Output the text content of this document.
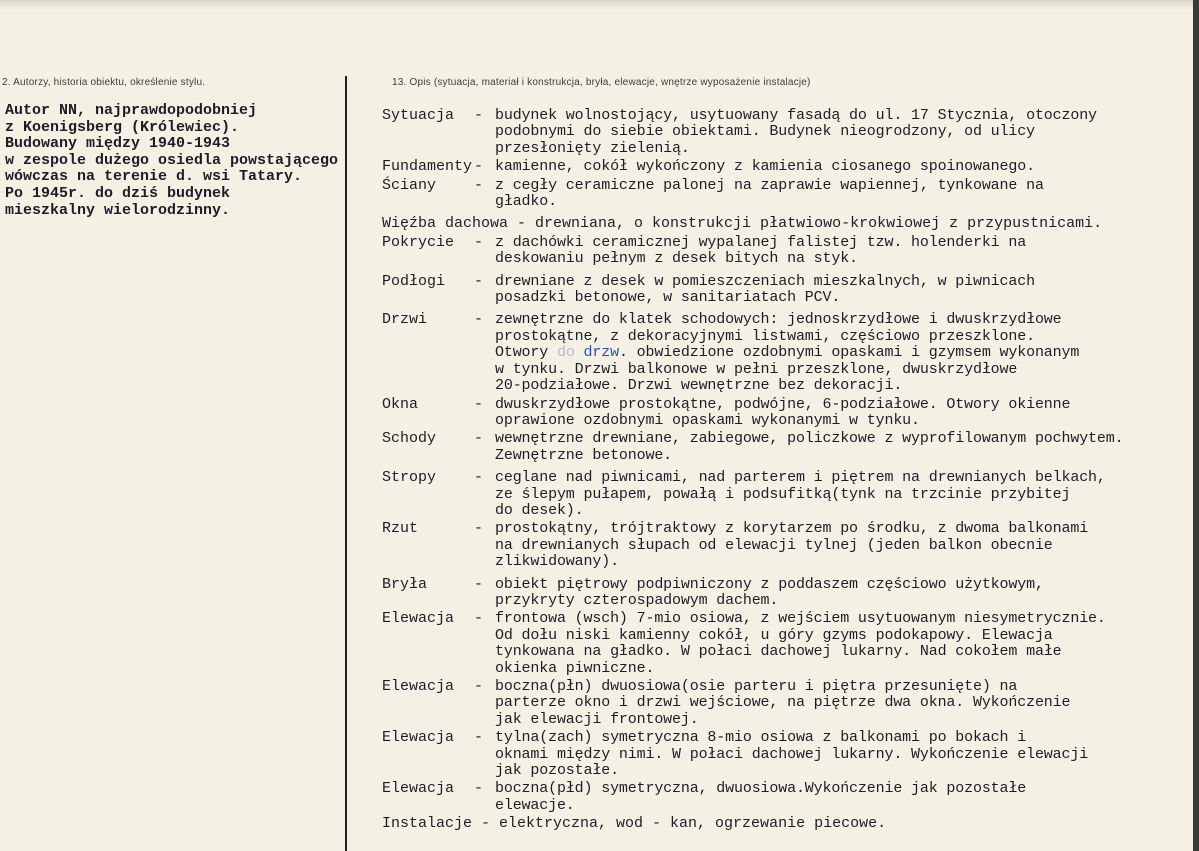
2. Autorzy, historia obiektu, określenie stylu.	13. Opis (sytuacja, materiał i konstrukcja, bryła, elewacje, wnętrze wyposażenie instalacje)
Autor NN, najprawdopodobniej
z Koenigsberg (Królewiec).
Budowany między 1940-1943
w zespole dużego osiedla powstającego
wówczas na terenie d. wsi Tatary.
Po 1945r. do dziś budynek
mieszkalny wielorodzinny.
Sytuacja - budynek wolnostojący, usytuowany fasadą do ul. 17 Stycznia, otoczony
podobnymi do siebie obiektami. Budynek nieogrodzony, od ulicy
przesłonięty zielenią.
Fundamenty - kamienne, cokół wykończony z kamienia ciosanego spoinowanego.
Ściany	- z cegły ceramiczne palonej na zaprawie wapiennej, tynkowane na
gładko.
Więźba dachowa - drewniana, o konstrukcji płatwiowo-krokwiowej z przypustnicami.
Pokrycie - z dachówki ceramicznej wypalanej falistej tzw. holenderki na
deskowaniu pełnym z desek bitych na styk.
Podłogi - drewniane z desek w pomieszczeniach mieszkalnych, w piwnicach
posadzki betonowe, w sanitariatach PCV.
Drzwi	- zewnętrzne do klatek schodowych: jednoskrzydłowe i dwuskrzydłowe
prostokątne, z dekoracyjnymi listwami, częściowo przeszklone.
Otwory do drzw. obwiedzione ozdobnymi opaskami i gzymsem wykonanym
w tynku. Drzwi balkonowe w pełni przeszklone, dwuskrzydłowe
20-podziałowe. Drzwi wewnętrzne bez dekoracji.
Okna	- dwuskrzydłowe prostokątne, podwójne, 6-podziałowe. Otwory okienne
oprawione ozdobnymi opaskami wykonanymi w tynku.
Schody	- wewnętrzne drewniane, zabiegowe, policzkowe z wyprofilowanym pochwytem.
Zewnętrzne betonowe.
Stropy	- ceglane nad piwnicami, nad parterem i piętrem na drewnianych belkach,
ze ślepym pułapem, powałą i podsufitką(tynk na trzcinie przybitej
do desek).
Rzut	- prostokątny, trójtraktowy z korytarzem po środku, z dwoma balkonami
na drewnianych słupach od elewacji tylnej (jeden balkon obecnie
zlikwidowany).
Bryła	- obiekt piętrowy podpiwniczony z poddaszem częściowo użytkowym,
przykryty czterospadowym dachem.
Elewacja - frontowa (wsch) 7-mio osiowa, z wejściem usytuowanym niesymetrycznie.
Od dołu niski kamienny cokół, u góry gzyms podokapowy. Elewacja
tynkowana na gładko. W połaci dachowej lukarny. Nad cokołem małe
okienka piwniczne.
Elewacja - boczna(płn) dwuosiowa(osie parteru i piętra przesunięte) na
parterze okno i drzwi wejściowe, na piętrze dwa okna. Wykończenie
jak elewacji frontowej.
Elewacja - tylna(zach) symetryczna 8-mio osiowa z balkonami po bokach i
oknami między nimi. W połaci dachowej lukarny. Wykończenie elewacji
jak pozostałe.
Elewacja - boczna(płd) symetryczna, dwuosiowa.Wykończenie jak pozostałe
elewacje.
Instalacje - elektryczna, wod - kan, ogrzewanie piecowe.
